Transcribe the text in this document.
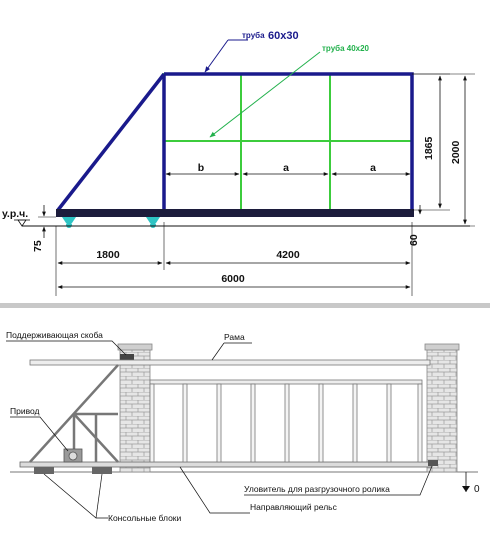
b	a	a
труба 60x30
труба 40x20
у.р.ч.
1865 2000
75
60
1800	4200
6000
0
Поддерживающая скоба	Рама
Привод
Уловитель для разгрузочного ролика
Направляющий рельс
Консольные блоки
